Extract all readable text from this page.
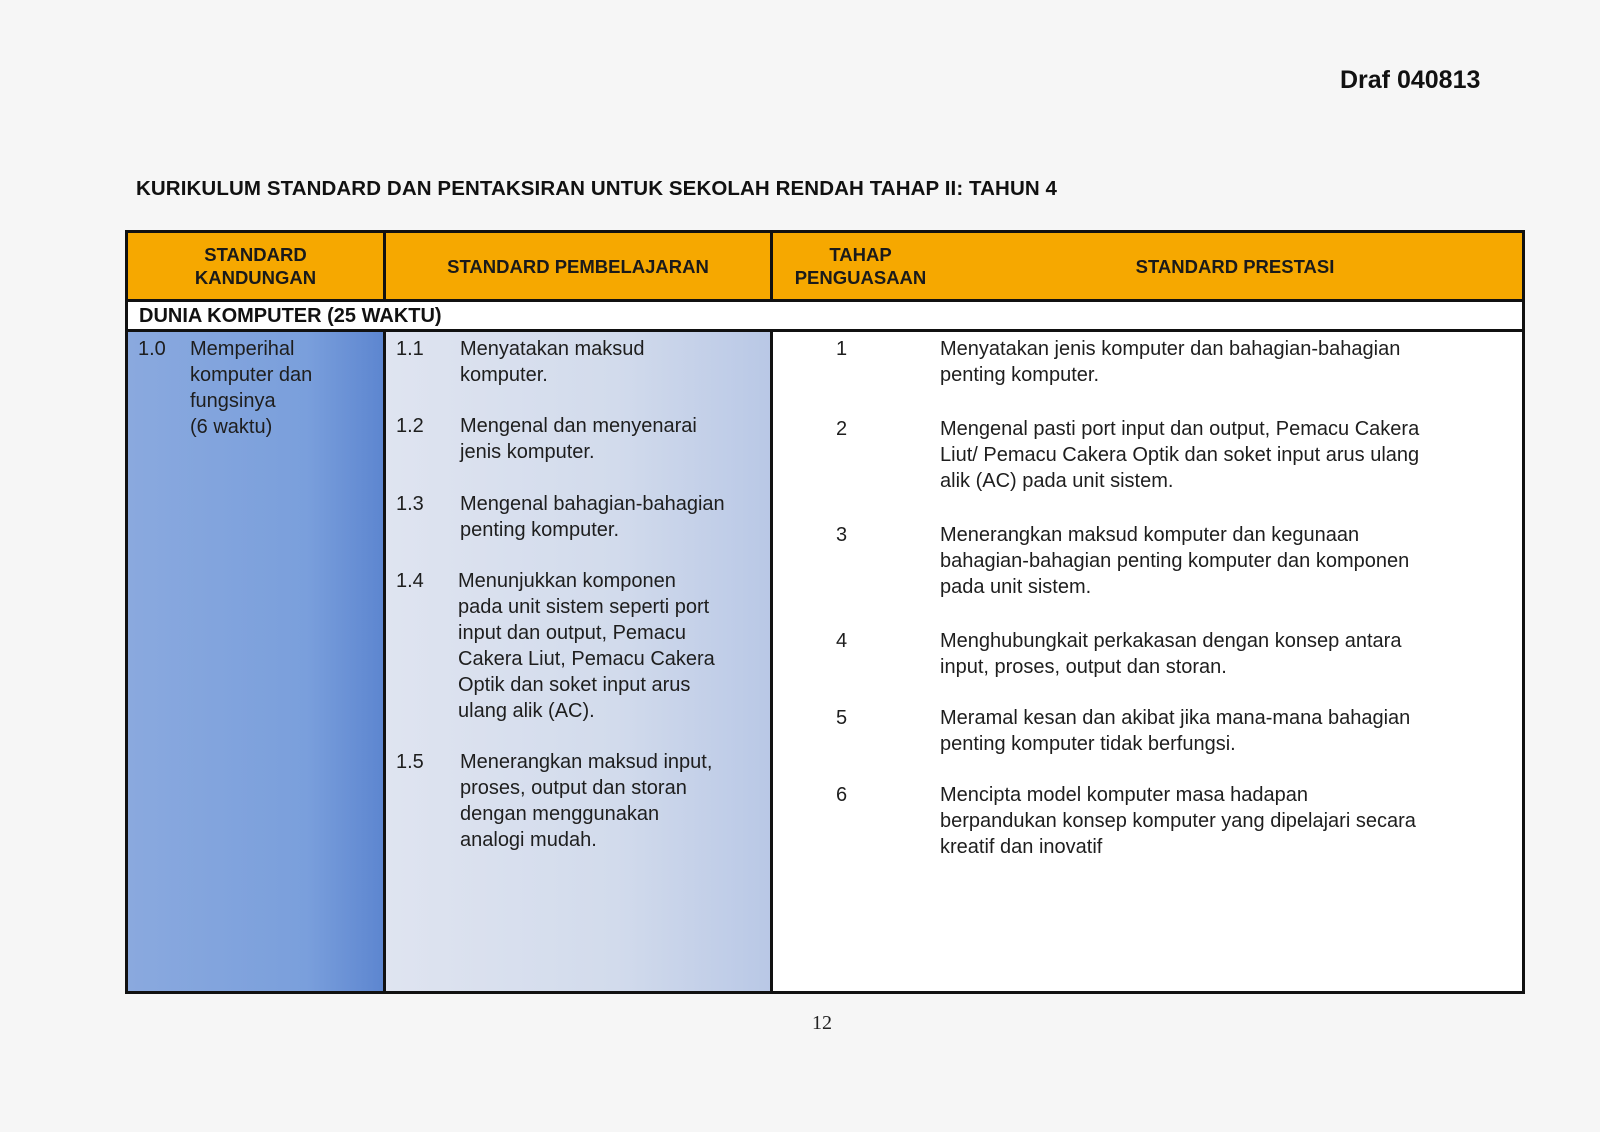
Draf 040813
KURIKULUM STANDARD DAN PENTAKSIRAN UNTUK SEKOLAH RENDAH TAHAP II: TAHUN 4
STANDARD
KANDUNGAN
STANDARD PEMBELAJARAN
TAHAP
PENGUASAAN
STANDARD PRESTASI
DUNIA KOMPUTER (25 WAKTU)
1.0 Memperihal
komputer dan
fungsinya
(6 waktu)
1.1 Menyatakan maksud
komputer.
1.2 Mengenal dan menyenarai
jenis komputer.
1.3 Mengenal bahagian-bahagian
penting komputer.
1.4 Menunjukkan komponen
pada unit sistem seperti port
input dan output, Pemacu
Cakera Liut, Pemacu Cakera
Optik dan soket input arus
ulang alik (AC).
1.5 Menerangkan maksud input,
proses, output dan storan
dengan menggunakan
analogi mudah.
1
2
3
4
5
6
Menyatakan jenis komputer dan bahagian-bahagian
penting komputer.
Mengenal pasti port input dan output, Pemacu Cakera
Liut/ Pemacu Cakera Optik dan soket input arus ulang
alik (AC) pada unit sistem.
Menerangkan maksud komputer dan kegunaan
bahagian-bahagian penting komputer dan komponen
pada unit sistem.
Menghubungkait perkakasan dengan konsep antara
input, proses, output dan storan.
Meramal kesan dan akibat jika mana-mana bahagian
penting komputer tidak berfungsi.
Mencipta model komputer masa hadapan
berpandukan konsep komputer yang dipelajari secara
kreatif dan inovatif
12
